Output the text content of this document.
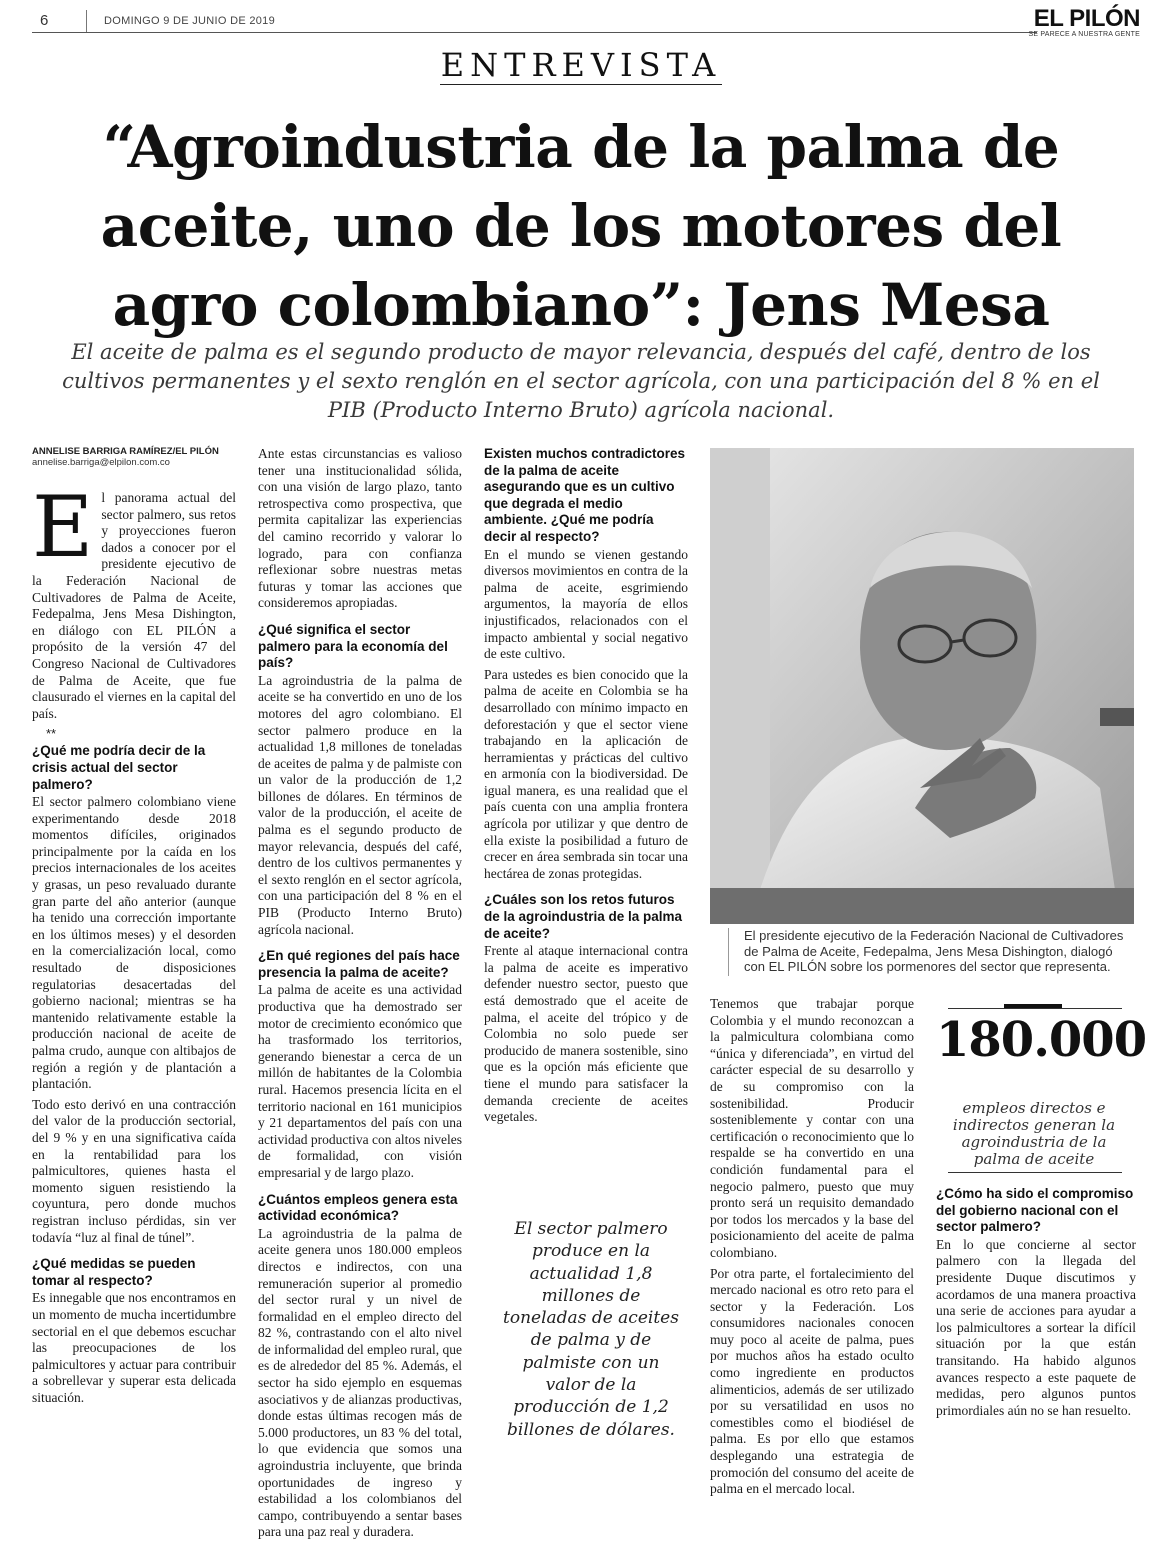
6	DOMINGO 9 DE JUNIO DE 2019	EL PILÓN
SE PARECE A NUESTRA GENTE
ENTREVISTA
“Agroindustria de la palma de aceite, uno de los motores del agro colombiano”: Jens Mesa

El aceite de palma es el segundo producto de mayor relevancia, después del café, dentro de los cultivos permanentes y el sexto renglón en el sector agrícola, con una participación del 8 % en el PIB (Producto Interno Bruto) agrícola nacional.

ANNELISE BARRIGA RAMÍREZ/EL PILÓN
annelise.barriga@elpilon.com.co

E l panorama actual del sector palmero, sus retos y proyecciones fueron dados a conocer por el presidente ejecutivo de la Federación Nacional de Cultivadores de Palma de Aceite, Fedepalma, Jens Mesa Dishington, en diálogo con EL PILÓN a propósito de la versión 47 del Congreso Nacional de Cultivadores de Palma de Aceite, que fue clausurado el viernes en la capital del país.

**
¿Qué me podría decir de la crisis actual del sector palmero?

El sector palmero colombiano viene experimentando desde 2018 momentos difíciles, originados principalmente por la caída en los precios internacionales de los aceites y grasas, un peso revaluado durante gran parte del año anterior (aunque ha tenido una corrección importante en los últimos meses) y el desorden en la comercialización local, como resultado de disposiciones regulatorias desacertadas del gobierno nacional; mientras se ha mantenido relativamente estable la producción nacional de aceite de palma crudo, aunque con altibajos de región a región y de plantación a plantación.

Todo esto derivó en una contracción del valor de la producción sectorial, del 9 % y en una significativa caída en la rentabilidad para los palmicultores, quienes hasta el momento siguen resistiendo la coyuntura, pero donde muchos registran incluso pérdidas, sin ver todavía “luz al final de túnel”.

¿Qué medidas se pueden tomar al respecto?

Es innegable que nos encontramos en un momento de mucha incertidumbre sectorial en el que debemos escuchar las preocupaciones de los palmicultores y actuar para contribuir a sobrellevar y superar esta delicada situación.

Ante estas circunstancias es valioso tener una institucionalidad sólida, con una visión de largo plazo, tanto retrospectiva como prospectiva, que permita capitalizar las experiencias del camino recorrido y valorar lo logrado, para con confianza reflexionar sobre nuestras metas futuras y tomar las acciones que consideremos apropiadas.

¿Qué significa el sector palmero para la economía del país?

La agroindustria de la palma de aceite se ha convertido en uno de los motores del agro colombiano. El sector palmero produce en la actualidad 1,8 millones de toneladas de aceites de palma y de palmiste con un valor de la producción de 1,2 billones de dólares. En términos de valor de la producción, el aceite de palma es el segundo producto de mayor relevancia, después del café, dentro de los cultivos permanentes y el sexto renglón en el sector agrícola, con una participación del 8 % en el PIB (Producto Interno Bruto) agrícola nacional.

¿En qué regiones del país hace presencia la palma de aceite?

La palma de aceite es una actividad productiva que ha demostrado ser motor de crecimiento económico que ha trasformado los territorios, generando bienestar a cerca de un millón de habitantes de la Colombia rural. Hacemos presencia lícita en el territorio nacional en 161 municipios y 21 departamentos del país con una actividad productiva con altos niveles de formalidad, con visión empresarial y de largo plazo.

¿Cuántos empleos genera esta actividad económica?

La agroindustria de la palma de aceite genera unos 180.000 empleos directos e indirectos, con una remuneración superior al promedio del sector rural y un nivel de formalidad en el empleo directo del 82 %, contrastando con el alto nivel de informalidad del empleo rural, que es de alrededor del 85 %. Además, el sector ha sido ejemplo en esquemas asociativos y de alianzas productivas, donde estas últimas recogen más de 5.000 productores, un 83 % del total, lo que evidencia que somos una agroindustria incluyente, que brinda oportunidades de ingreso y estabilidad a los colombianos del campo, contribuyendo a sentar bases para una paz real y duradera.

Existen muchos contradictores de la palma de aceite asegurando que es un cultivo que degrada el medio ambiente. ¿Qué me podría decir al respecto?

En el mundo se vienen gestando diversos movimientos en contra de la palma de aceite, esgrimiendo argumentos, la mayoría de ellos injustificados, relacionados con el impacto ambiental y social negativo de este cultivo.

Para ustedes es bien conocido que la palma de aceite en Colombia se ha desarrollado con mínimo impacto en deforestación y que el sector viene trabajando en la aplicación de herramientas y prácticas del cultivo en armonía con la biodiversidad. De igual manera, es una realidad que el país cuenta con una amplia frontera agrícola por utilizar y que dentro de ella existe la posibilidad a futuro de crecer en área sembrada sin tocar una hectárea de zonas protegidas.

¿Cuáles son los retos futuros de la agroindustria de la palma de aceite?

Frente al ataque internacional contra la palma de aceite es imperativo defender nuestro sector, puesto que está demostrado que el aceite de palma, el aceite del trópico y de Colombia no solo puede ser producido de manera sostenible, sino que es la opción más eficiente que tiene el mundo para satisfacer la demanda creciente de aceites vegetales.

El presidente ejecutivo de la Federación Nacional de Cultivadores de Palma de Aceite, Fedepalma, Jens Mesa Dishington, dialogó con EL PILÓN sobre los pormenores del sector que representa.

Tenemos que trabajar porque Colombia y el mundo reconozcan a la palmicultura colombiana como “única y diferenciada”, en virtud del carácter especial de su desarrollo y de su compromiso con la sostenibilidad. Producir sosteniblemente y contar con una certificación o reconocimiento que lo respalde se ha convertido en una condición fundamental para el negocio palmero, puesto que muy pronto será un requisito demandado por todos los mercados y la base del posicionamiento del aceite de palma colombiano.

Por otra parte, el fortalecimiento del mercado nacional es otro reto para el sector y la Federación. Los consumidores nacionales conocen muy poco al aceite de palma, pues por muchos años ha estado oculto como ingrediente en productos alimenticios, además de ser utilizado por su versatilidad en usos no comestibles como el biodiésel de palma. Es por ello que estamos desplegando una estrategia de promoción del consumo del aceite de palma en el mercado local.

180.000
empleos directos e indirectos generan la agroindustria de la palma de aceite
¿Cómo ha sido el compromiso del gobierno nacional con el sector palmero?

En lo que concierne al sector palmero con la llegada del presidente Duque discutimos y acordamos de una manera proactiva una serie de acciones para ayudar a los palmicultores a sortear la difícil situación por la que están transitando. Ha habido algunos avances respecto a este paquete de medidas, pero algunos puntos primordiales aún no se han resuelto.

El sector palmero produce en la actualidad 1,8 millones de toneladas de aceites de palma y de palmiste con un valor de la producción de 1,2 billones de dólares.
